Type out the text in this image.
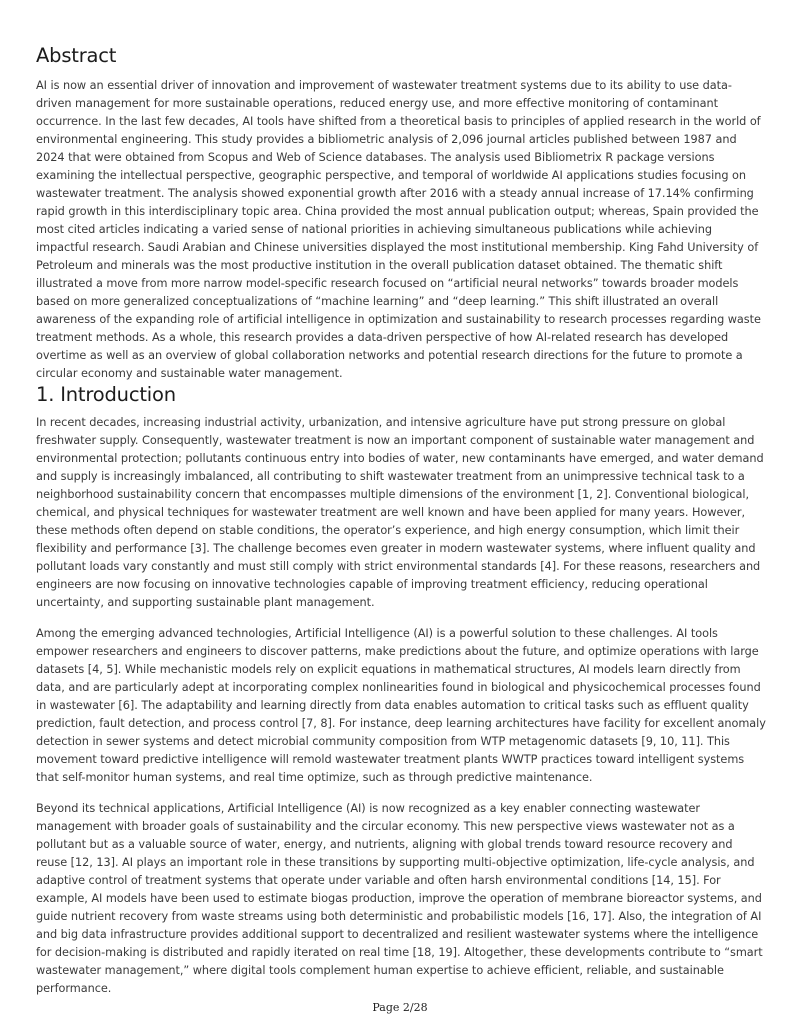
Abstract

AI is now an essential driver of innovation and improvement of wastewater treatment systems due to its ability to use data-driven management for more sustainable operations, reduced energy use, and more effective monitoring of contaminant occurrence. In the last few decades, AI tools have shifted from a theoretical basis to principles of applied research in the world of environmental engineering. This study provides a bibliometric analysis of 2,096 journal articles published between 1987 and 2024 that were obtained from Scopus and Web of Science databases. The analysis used Bibliometrix R package versions examining the intellectual perspective, geographic perspective, and temporal of worldwide AI applications studies focusing on wastewater treatment. The analysis showed exponential growth after 2016 with a steady annual increase of 17.14% confirming rapid growth in this interdisciplinary topic area. China provided the most annual publication output; whereas, Spain provided the most cited articles indicating a varied sense of national priorities in achieving simultaneous publications while achieving impactful research. Saudi Arabian and Chinese universities displayed the most institutional membership. King Fahd University of Petroleum and minerals was the most productive institution in the overall publication dataset obtained. The thematic shift illustrated a move from more narrow model-specific research focused on “artificial neural networks” towards broader models based on more generalized conceptualizations of “machine learning” and “deep learning.” This shift illustrated an overall awareness of the expanding role of artificial intelligence in optimization and sustainability to research processes regarding waste treatment methods. As a whole, this research provides a data-driven perspective of how AI-related research has developed overtime as well as an overview of global collaboration networks and potential research directions for the future to promote a circular economy and sustainable water management.

1. Introduction

In recent decades, increasing industrial activity, urbanization, and intensive agriculture have put strong pressure on global freshwater supply. Consequently, wastewater treatment is now an important component of sustainable water management and environmental protection; pollutants continuous entry into bodies of water, new contaminants have emerged, and water demand and supply is increasingly imbalanced, all contributing to shift wastewater treatment from an unimpressive technical task to a neighborhood sustainability concern that encompasses multiple dimensions of the environment [1, 2]. Conventional biological, chemical, and physical techniques for wastewater treatment are well known and have been applied for many years. However, these methods often depend on stable conditions, the operator’s experience, and high energy consumption, which limit their flexibility and performance [3]. The challenge becomes even greater in modern wastewater systems, where influent quality and pollutant loads vary constantly and must still comply with strict environmental standards [4]. For these reasons, researchers and engineers are now focusing on innovative technologies capable of improving treatment efficiency, reducing operational uncertainty, and supporting sustainable plant management.

Among the emerging advanced technologies, Artificial Intelligence (AI) is a powerful solution to these challenges. AI tools empower researchers and engineers to discover patterns, make predictions about the future, and optimize operations with large datasets [4, 5]. While mechanistic models rely on explicit equations in mathematical structures, AI models learn directly from data, and are particularly adept at incorporating complex nonlinearities found in biological and physicochemical processes found in wastewater [6]. The adaptability and learning directly from data enables automation to critical tasks such as effluent quality prediction, fault detection, and process control [7, 8]. For instance, deep learning architectures have facility for excellent anomaly detection in sewer systems and detect microbial community composition from WTP metagenomic datasets [9, 10, 11]. This movement toward predictive intelligence will remold wastewater treatment plants WWTP practices toward intelligent systems that self-monitor human systems, and real time optimize, such as through predictive maintenance.

Beyond its technical applications, Artificial Intelligence (AI) is now recognized as a key enabler connecting wastewater management with broader goals of sustainability and the circular economy. This new perspective views wastewater not as a pollutant but as a valuable source of water, energy, and nutrients, aligning with global trends toward resource recovery and reuse [12, 13]. AI plays an important role in these transitions by supporting multi-objective optimization, life-cycle analysis, and adaptive control of treatment systems that operate under variable and often harsh environmental conditions [14, 15]. For example, AI models have been used to estimate biogas production, improve the operation of membrane bioreactor systems, and guide nutrient recovery from waste streams using both deterministic and probabilistic models [16, 17]. Also, the integration of AI and big data infrastructure provides additional support to decentralized and resilient wastewater systems where the intelligence for decision-making is distributed and rapidly iterated on real time [18, 19]. Altogether, these developments contribute to “smart wastewater management,” where digital tools complement human expertise to achieve efficient, reliable, and sustainable performance.

Page 2/28
